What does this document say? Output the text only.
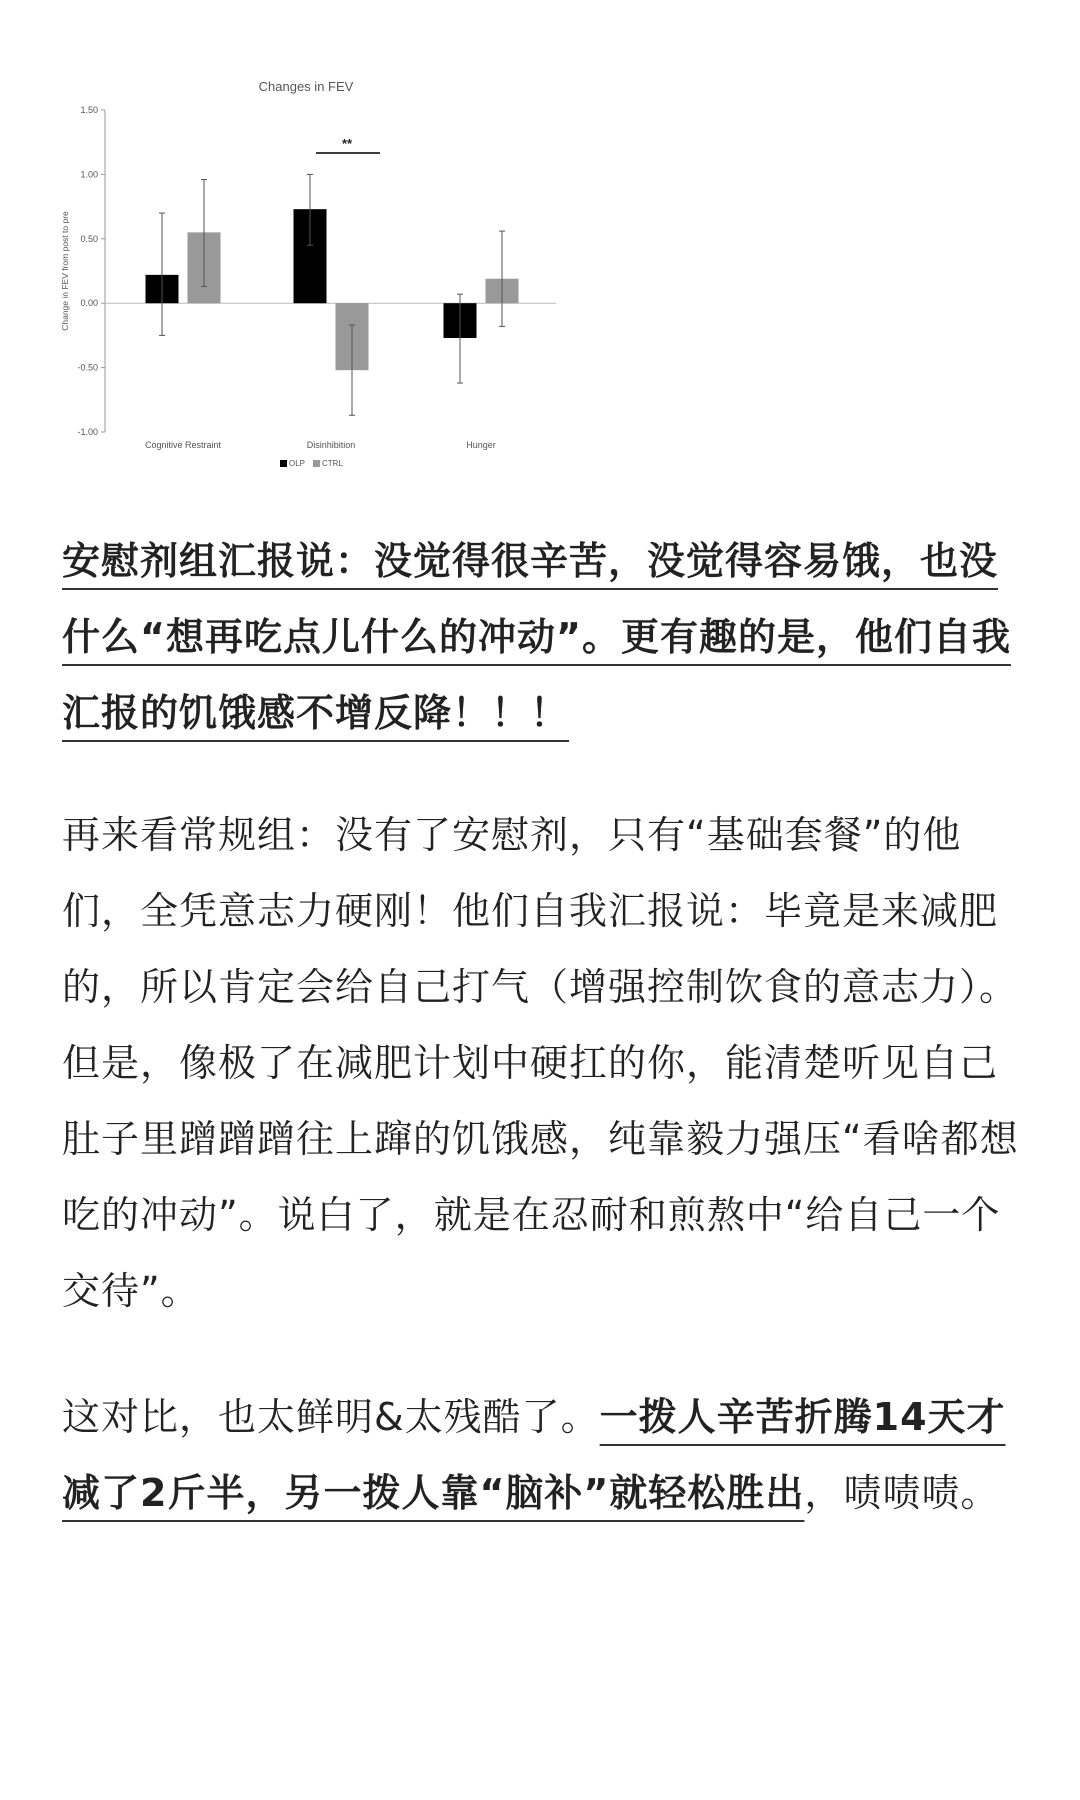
Changes in FEV
Change in FEV from post to pre
1.50
1.00
0.50
0.00
-0.50
-1.00
Cognitive Restraint	Disinhibition	Hunger
OLP CTRL
**

安慰剂组汇报说：没觉得很辛苦，没觉得容易饿，也没什么“想再吃点儿什么的冲动”。更有趣的是，他们自我汇报的饥饿感不增反降！！！

再来看常规组：没有了安慰剂，只有“基础套餐”的他们，全凭意志力硬刚！他们自我汇报说：毕竟是来减肥的，所以肯定会给自己打气（增强控制饮食的意志力）。但是，像极了在减肥计划中硬扛的你，能清楚听见自己肚子里蹭蹭蹭往上蹿的饥饿感，纯靠毅力强压“看啥都想吃的冲动”。说白了，就是在忍耐和煎熬中“给自己一个交待”。

这对比，也太鲜明&太残酷了。一拨人辛苦折腾14天才减了2斤半，另一拨人靠“脑补”就轻松胜出，啧啧啧。
